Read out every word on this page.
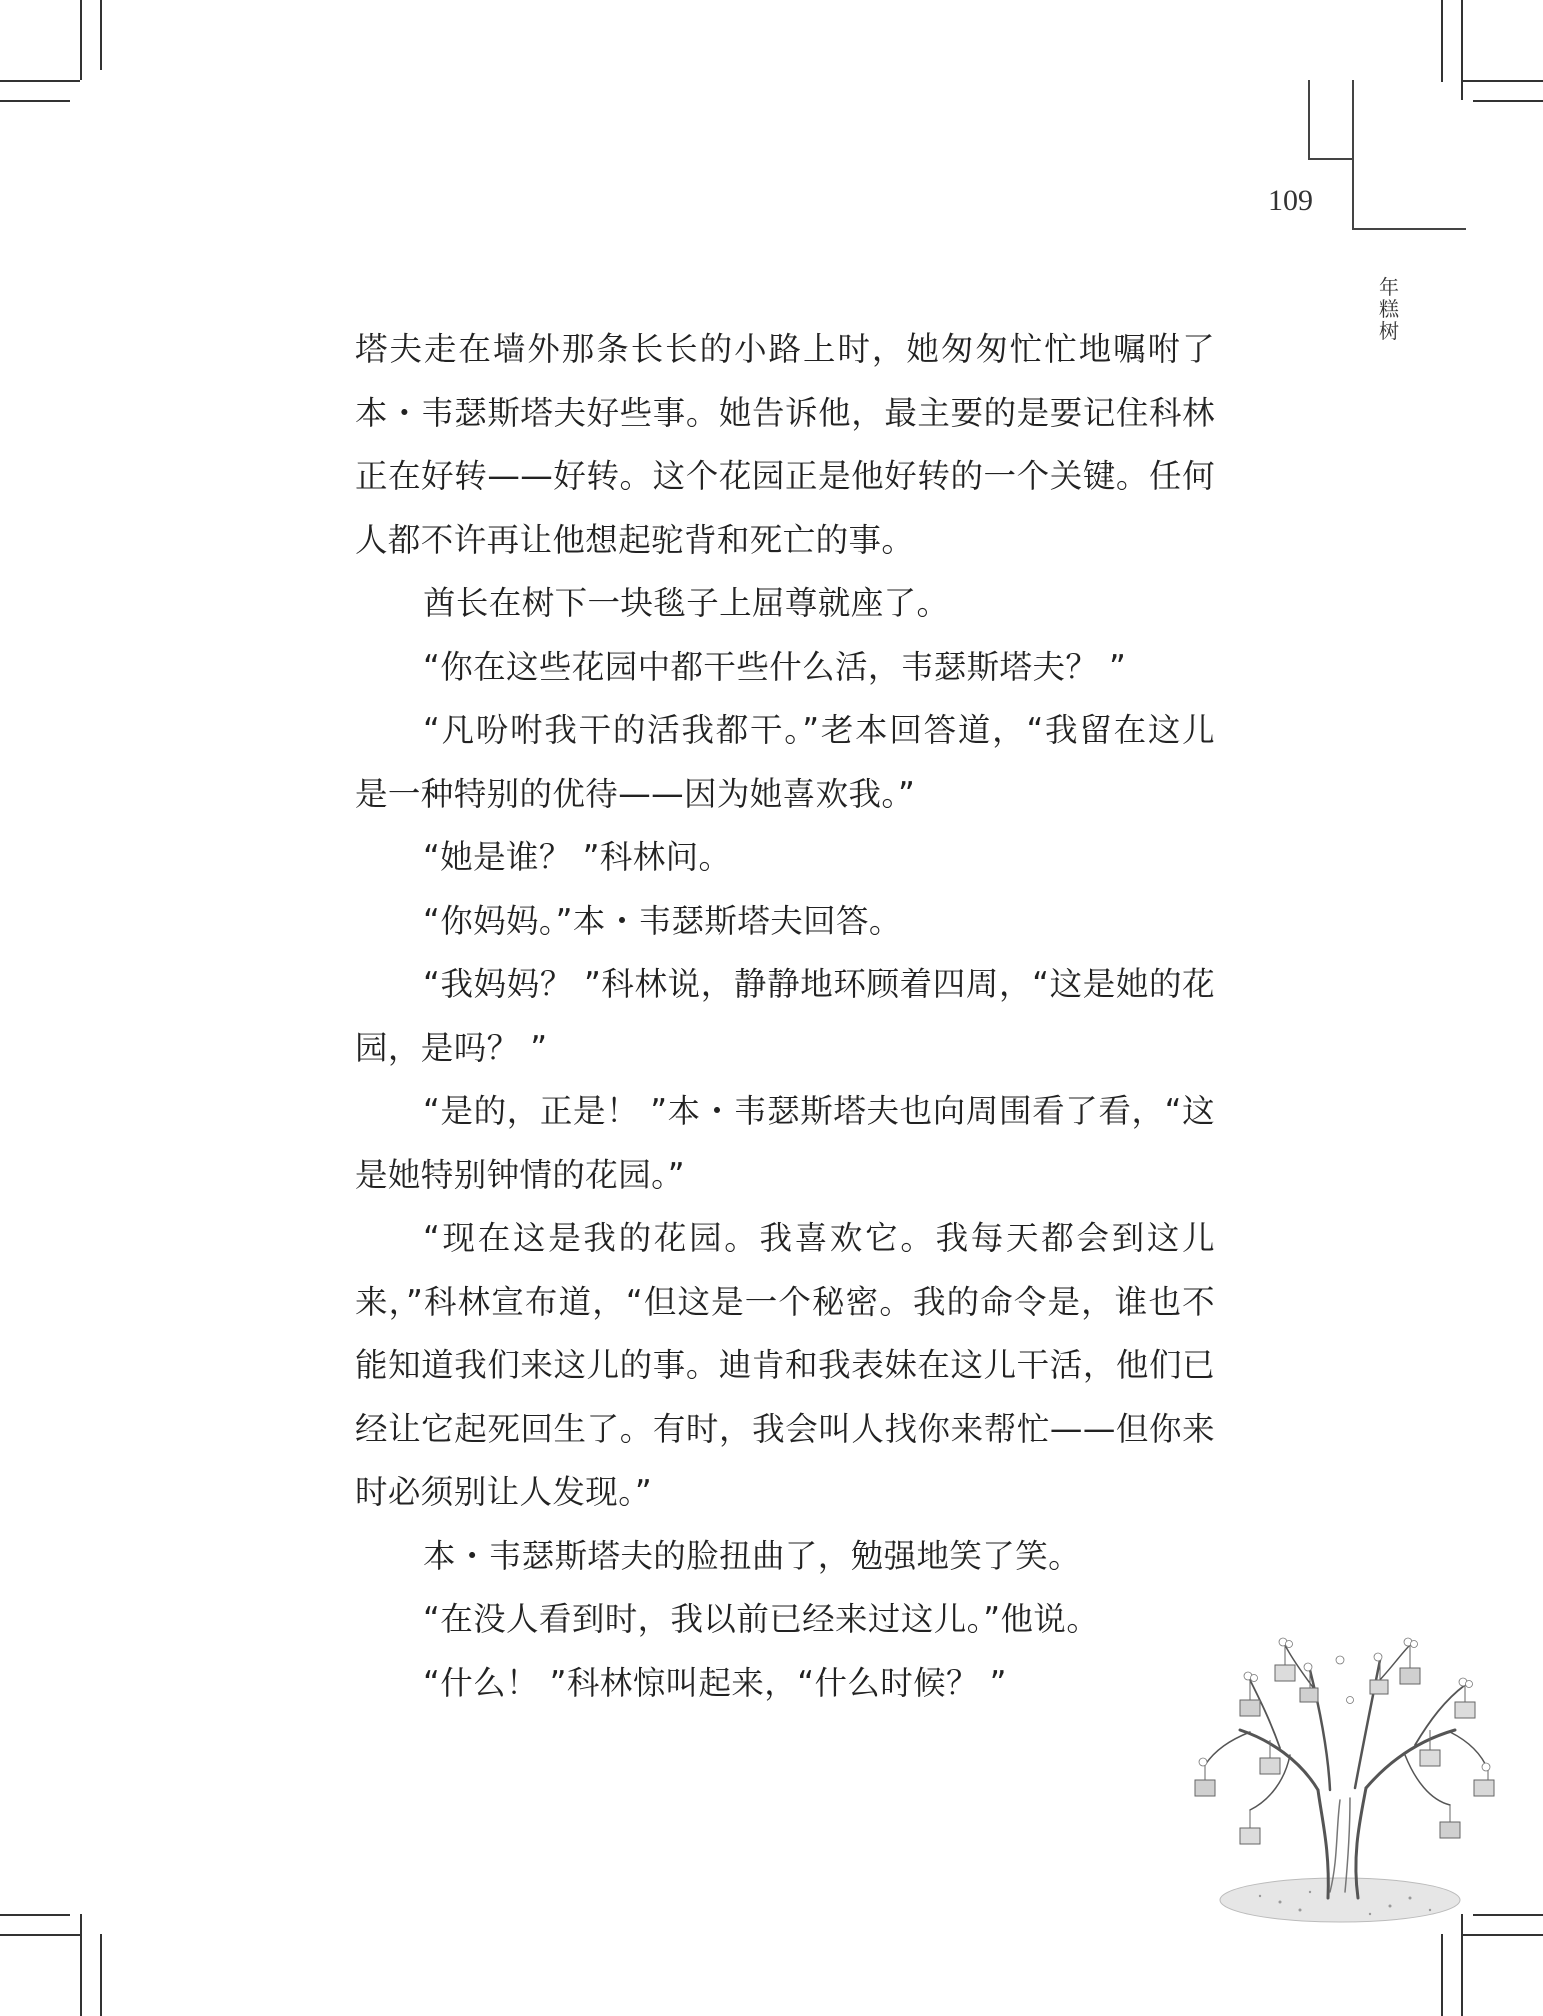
109
年糕树

塔夫走在墙外那条长长的小路上时，她匆匆忙忙地嘱咐了本・韦瑟斯塔夫好些事。她告诉他，最主要的是要记住科林正在好转——好转。这个花园正是他好转的一个关键。任何人都不许再让他想起驼背和死亡的事。

酋长在树下一块毯子上屈尊就座了。

“你在这些花园中都干些什么活，韦瑟斯塔夫？ ”

“凡吩咐我干的活我都干。”老本回答道，“我留在这儿是一种特别的优待——因为她喜欢我。”

“她是谁？ ”科林问。

“你妈妈。”本・韦瑟斯塔夫回答。

“我妈妈？ ”科林说，静静地环顾着四周，“这是她的花园，是吗？ ”

“是的，正是！ ”本・韦瑟斯塔夫也向周围看了看，“这是她特别钟情的花园。”

“现在这是我的花园。我喜欢它。我每天都会到这儿来，”科林宣布道，“但这是一个秘密。我的命令是，谁也不能知道我们来这儿的事。迪肯和我表妹在这儿干活，他们已经让它起死回生了。有时，我会叫人找你来帮忙——但你来时必须别让人发现。”

本・韦瑟斯塔夫的脸扭曲了，勉强地笑了笑。

“在没人看到时，我以前已经来过这儿。”他说。

“什么！ ”科林惊叫起来，“什么时候？ ”
